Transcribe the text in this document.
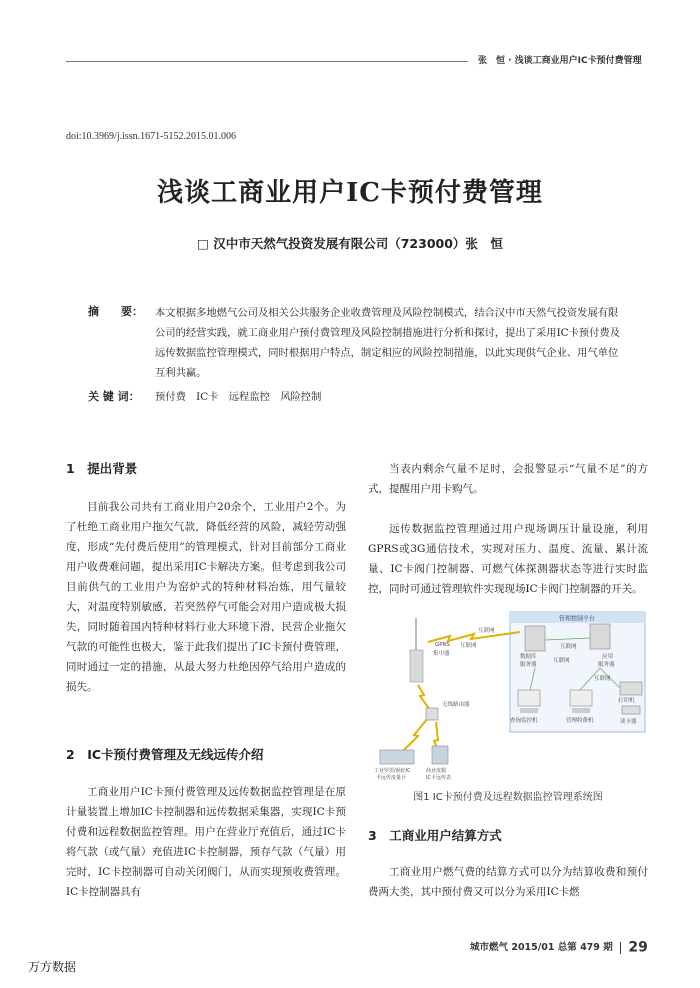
张　恒 · 浅谈工商业用户IC卡预付费管理
doi:10.3969/j.issn.1671-5152.2015.01.006
浅谈工商业用户IC卡预付费管理
□ 汉中市天然气投资发展有限公司（723000）张　恒
摘　　要： 本文根据多地燃气公司及相关公共服务企业收费管理及风险控制模式，结合汉中市天然气投资发展有限公司的经营实践，就工商业用户预付费管理及风险控制措施进行分析和探讨，提出了采用IC卡预付费及远传数据监控管理模式，同时根据用户特点，制定相应的风险控制措施，以此实现供气企业、用气单位互利共赢。
关 键 词： 预付费　IC卡　远程监控　风险控制
1　提出背景
目前我公司共有工商业用户20余个，工业用户2个。为了杜绝工商业用户拖欠气款，降低经营的风险，减轻劳动强度，形成“先付费后使用”的管理模式，针对目前部分工商业用户收费难问题，提出采用IC卡解决方案。但考虑到我公司目前供气的工业用户为窑炉式的特种材料冶炼，用气量较大，对温度特别敏感，若突然停气可能会对用户造成极大损失，同时随着国内特种材料行业大环境下滑，民营企业拖欠气款的可能性也极大，鉴于此我们提出了IC卡预付费管理，同时通过一定的措施，从最大努力杜绝因停气给用户造成的损失。
2　IC卡预付费管理及无线远传介绍
工商业用户IC卡预付费管理及远传数据监控管理是在原计量装置上增加IC卡控制器和远传数据采集器，实现IC卡预付费和远程数据监控管理。用户在营业厅充值后，通过IC卡将气款（或气量）充值进IC卡控制器，预存气款（气量）用完时，IC卡控制器可自动关闭阀门，从而实现预收费管理。IC卡控制器具有
当表内剩余气量不足时，会报警显示“气量不足”的方式，提醒用户用卡购气。
远传数据监控管理通过用户现场调压计量设施，利用GPRS或3G通信技术，实现对压力、温度、流量、累计流量、IC卡阀门控制器、可燃气体探测器状态等进行实时监控，同时可通过管理软件实现现场IC卡阀门控制器的开关。
管理控制平台
GPRS
集中器
互联网
互联网
数据库
服务器
互联网
应用
服务器
互联网
互联网
查询监控机	管理收费机
打印机
读卡器
无线路由器
工业罗茨/涡轮IC
卡远传流量计
商业皮膜
IC卡远传表
图1 IC卡预付费及远程数据监控管理系统图
3　工商业用户结算方式
工商业用户燃气费的结算方式可以分为结算收费和预付费两大类，其中预付费又可以分为采用IC卡燃
城市燃气 2015/01 总第 479 期 29
万方数据
